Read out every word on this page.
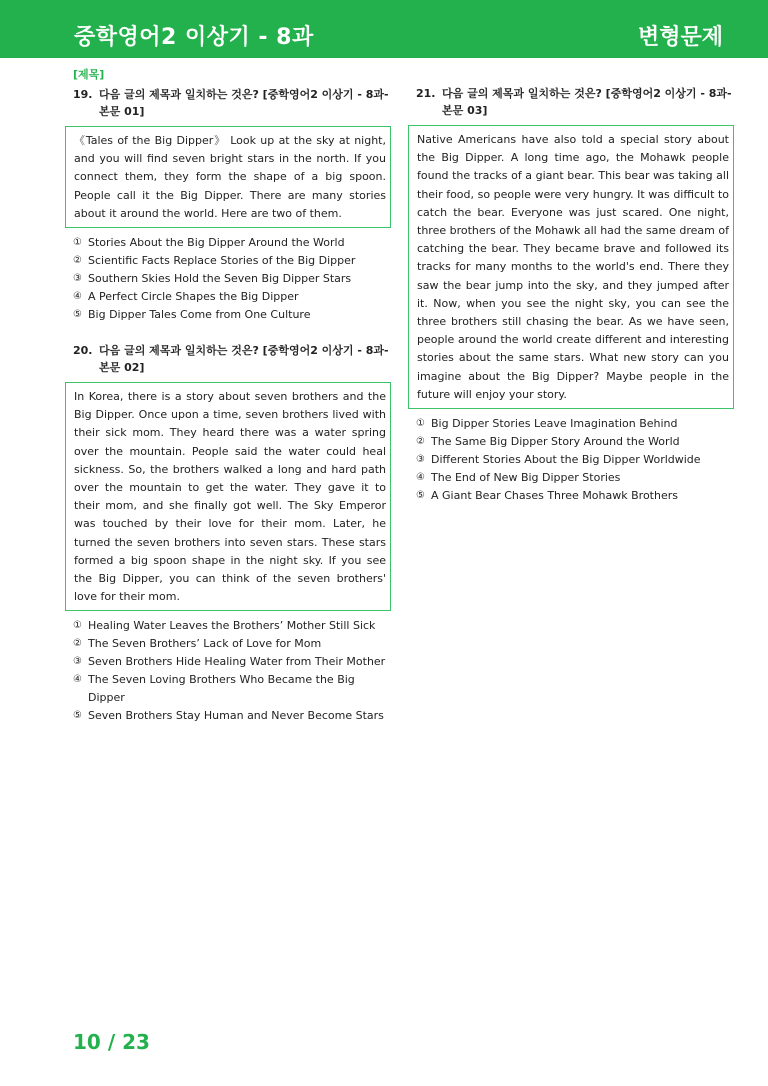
중학영어2 이상기 - 8과	변형문제
[제목]
19. 다음 글의 제목과 일치하는 것은? [중학영어2 이상기 - 8과-
본문 01]
《Tales of the Big Dipper》 Look up at the sky at night, and you will find seven bright stars in the north. If you connect them, they form the shape of a big spoon. People call it the Big Dipper. There are many stories about it around the world. Here are two of them.
① Stories About the Big Dipper Around the World
② Scientific Facts Replace Stories of the Big Dipper
③ Southern Skies Hold the Seven Big Dipper Stars
④ A Perfect Circle Shapes the Big Dipper
⑤ Big Dipper Tales Come from One Culture
20. 다음 글의 제목과 일치하는 것은? [중학영어2 이상기 - 8과-
본문 02]
In Korea, there is a story about seven brothers and the Big Dipper. Once upon a time, seven brothers lived with their sick mom. They heard there was a water spring over the mountain. People said the water could heal sickness. So, the brothers walked a long and hard path over the mountain to get the water. They gave it to their mom, and she finally got well. The Sky Emperor was touched by their love for their mom. Later, he turned the seven brothers into seven stars. These stars formed a big spoon shape in the night sky. If you see the Big Dipper, you can think of the seven brothers' love for their mom.
① Healing Water Leaves the Brothers’ Mother Still Sick
② The Seven Brothers’ Lack of Love for Mom
③ Seven Brothers Hide Healing Water from Their Mother
④ The Seven Loving Brothers Who Became the Big Dipper
⑤ Seven Brothers Stay Human and Never Become Stars
21. 다음 글의 제목과 일치하는 것은? [중학영어2 이상기 - 8과-
본문 03]
Native Americans have also told a special story about the Big Dipper. A long time ago, the Mohawk people found the tracks of a giant bear. This bear was taking all their food, so people were very hungry. It was difficult to catch the bear. Everyone was just scared. One night, three brothers of the Mohawk all had the same dream of catching the bear. They became brave and followed its tracks for many months to the world's end. There they saw the bear jump into the sky, and they jumped after it. Now, when you see the night sky, you can see the three brothers still chasing the bear. As we have seen, people around the world create different and interesting stories about the same stars. What new story can you imagine about the Big Dipper? Maybe people in the future will enjoy your story.
① Big Dipper Stories Leave Imagination Behind
② The Same Big Dipper Story Around the World
③ Different Stories About the Big Dipper Worldwide
④ The End of New Big Dipper Stories
⑤ A Giant Bear Chases Three Mohawk Brothers
10 / 23
